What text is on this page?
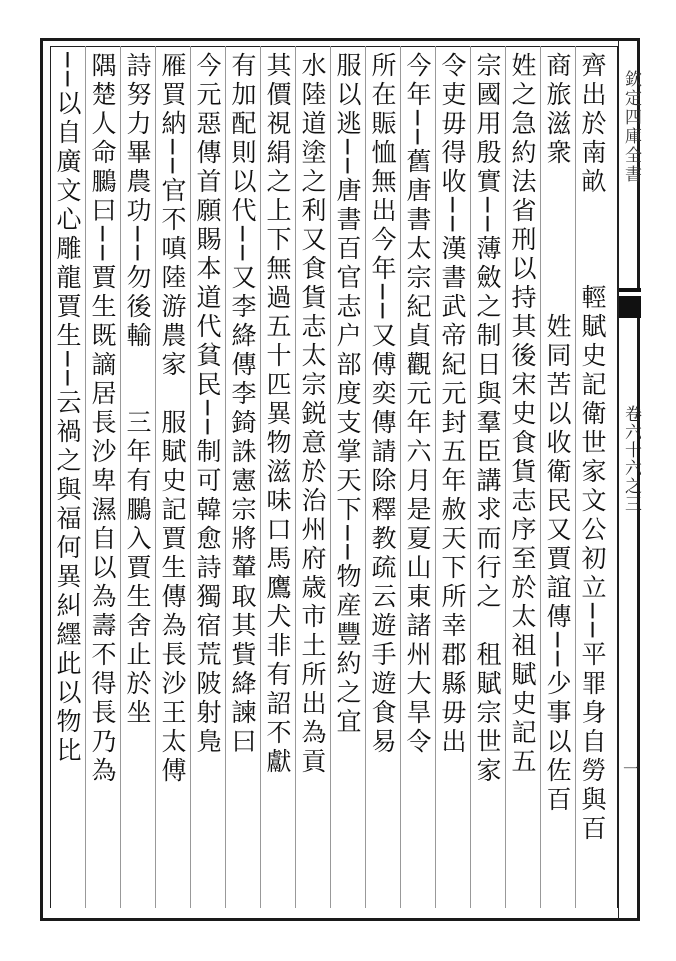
欽定四庫全書
卷六十六之三
一
齊出於南畝　　　輕賦史記衛世家文公初立──平罪身自勞與百
商旅滋衆　　　　　姓同苦以收衛民又賈誼傳──少事以佐百
姓之急約法省刑以持其後宋史食貨志序至於太祖賦史記五
宗國用殷實──薄斂之制日與羣臣講求而行之　租賦宗世家
令吏毋得收──漢書武帝紀元封五年赦天下所幸郡縣毋出
今年──舊唐書太宗紀貞觀元年六月是夏山東諸州大旱令
所在賑恤無出今年──又傅奕傳請除釋教疏云遊手遊食易
服以逃──唐書百官志户部度支掌天下──物産豐約之宜
水陸道塗之利又食貨志太宗鋭意於治州府歳市土所出為貢
其價視絹之上下無過五十匹異物滋味口馬鷹犬非有詔不獻
有加配則以代──又李絳傳李錡誅憲宗將輦取其貲絳諫曰
今元惡傳首願賜本道代貧民──制可韓愈詩獨宿荒陂射鳬
雁買納──官不嗔陸游農家　服賦史記賈生傳為長沙王太傅
詩努力畢農功──勿後輸　　三年有鵩入賈生舍止於坐
隅楚人命鵩曰──賈生既謫居長沙卑濕自以為壽不得長乃為
──以自廣文心雕龍賈生──云禍之與福何異糾纆此以物比
